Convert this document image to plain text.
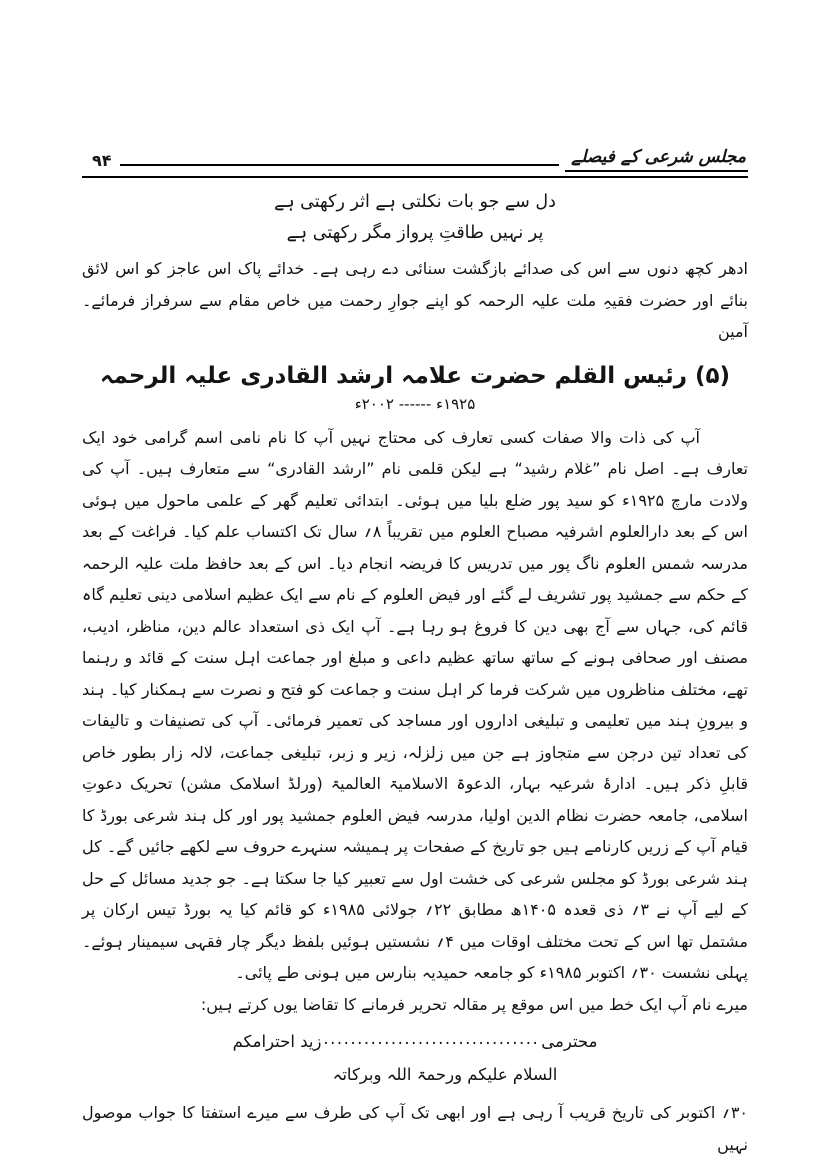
مجلس شرعی کے فیصلے
۹۴
دل سے جو بات نکلتی ہے اثر رکھتی ہے
پر نہیں طاقتِ پرواز مگر رکھتی ہے

ادھر کچھ دنوں سے اس کی صدائے بازگشت سنائی دے رہی ہے۔ خدائے پاک اس عاجز کو اس لائق بنائے اور حضرت فقیہِ ملت علیہ الرحمہ کو اپنے جوارِ رحمت میں خاص مقام سے سرفراز فرمائے۔ آمین

(۵) رئیس القلم حضرت علامہ ارشد القادری علیہ الرحمہ
۱۹۲۵ء ------ ۲۰۰۲ء

آپ کی ذات والا صفات کسی تعارف کی محتاج نہیں آپ کا نام نامی اسم گرامی خود ایک تعارف ہے۔ اصل نام ”غلام رشید“ ہے لیکن قلمی نام ”ارشد القادری“ سے متعارف ہیں۔ آپ کی ولادت مارچ ۱۹۲۵ء کو سید پور ضلع بلیا میں ہوئی۔ ابتدائی تعلیم گھر کے علمی ماحول میں ہوئی اس کے بعد دارالعلوم اشرفیہ مصباح العلوم میں تقریباً ۸؍ سال تک اکتساب علم کیا۔ فراغت کے بعد مدرسہ شمس العلوم ناگ پور میں تدریس کا فریضہ انجام دیا۔ اس کے بعد حافظ ملت علیہ الرحمہ کے حکم سے جمشید پور تشریف لے گئے اور فیض العلوم کے نام سے ایک عظیم اسلامی دینی تعلیم گاہ قائم کی، جہاں سے آج بھی دین کا فروغ ہو رہا ہے۔ آپ ایک ذی استعداد عالم دین، مناظر، ادیب، مصنف اور صحافی ہونے کے ساتھ ساتھ عظیم داعی و مبلغ اور جماعت اہل سنت کے قائد و رہنما تھے، مختلف مناظروں میں شرکت فرما کر اہل سنت و جماعت کو فتح و نصرت سے ہمکنار کیا۔ ہند و بیرونِ ہند میں تعلیمی و تبلیغی اداروں اور مساجد کی تعمیر فرمائی۔ آپ کی تصنیفات و تالیفات کی تعداد تین درجن سے متجاوز ہے جن میں زلزلہ، زیر و زبر، تبلیغی جماعت، لالہ زار بطور خاص قابلِ ذکر ہیں۔ ادارۂ شرعیہ بہار، الدعوۃ الاسلامیۃ العالمیۃ (ورلڈ اسلامک مشن) تحریک دعوتِ اسلامی، جامعہ حضرت نظام الدین اولیا، مدرسہ فیض العلوم جمشید پور اور کل ہند شرعی بورڈ کا قیام آپ کے زریں کارنامے ہیں جو تاریخ کے صفحات پر ہمیشہ سنہرے حروف سے لکھے جائیں گے۔ کل ہند شرعی بورڈ کو مجلس شرعی کی خشت اول سے تعبیر کیا جا سکتا ہے۔ جو جدید مسائل کے حل کے لیے آپ نے ۳؍ ذی قعدہ ۱۴۰۵ھ مطابق ۲۲؍ جولائی ۱۹۸۵ء کو قائم کیا یہ بورڈ تیس ارکان پر مشتمل تھا اس کے تحت مختلف اوقات میں ۴؍ نشستیں ہوئیں بلفظ دیگر چار فقہی سیمینار ہوئے۔ پہلی نشست ۳۰؍ اکتوبر ۱۹۸۵ء کو جامعہ حمیدیہ بنارس میں ہونی طے پائی۔

میرے نام آپ ایک خط میں اس موقع پر مقالہ تحریر فرمانے کا تقاضا یوں کرتے ہیں:

محترمی
................................
زید احترامکم
السلام علیکم ورحمۃ اللہ وبرکاتہ

۳۰؍ اکتوبر کی تاریخ قریب آ رہی ہے اور ابھی تک آپ کی طرف سے میرے استفتا کا جواب موصول نہیں
